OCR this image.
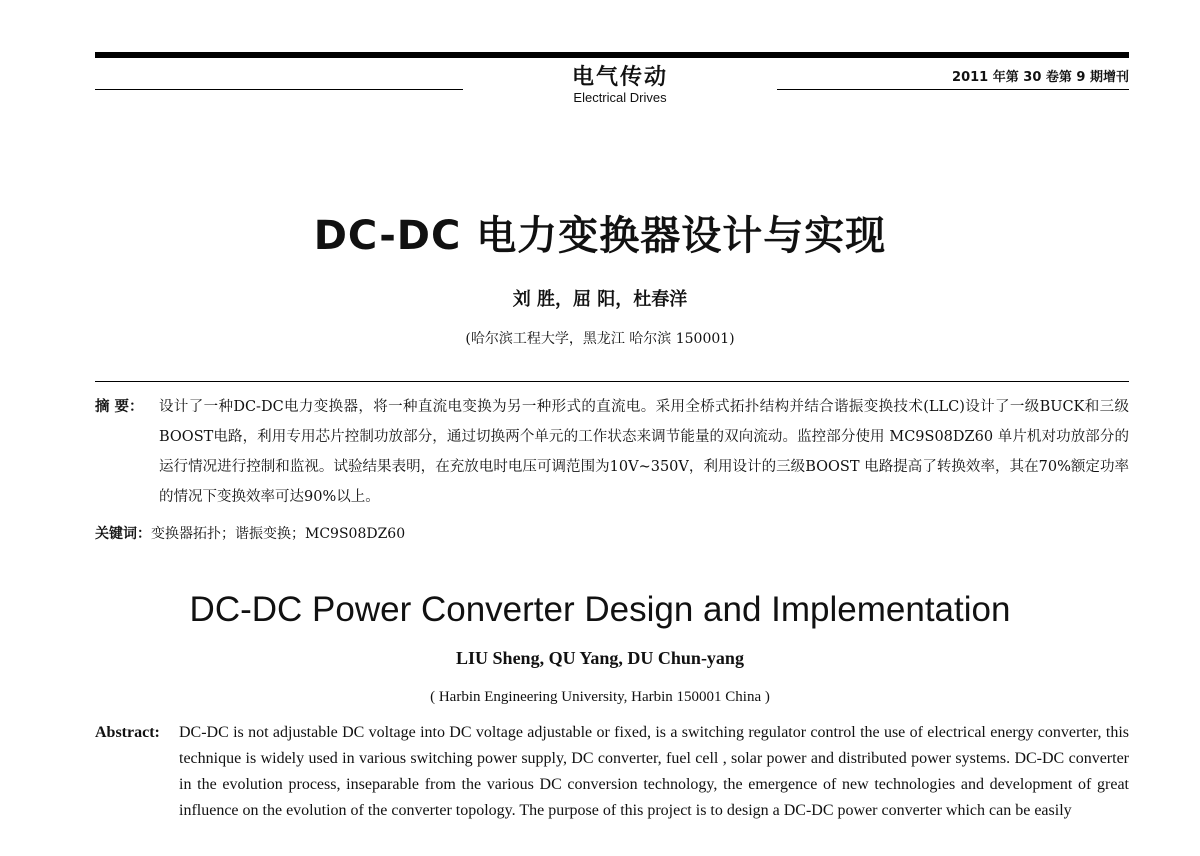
电气传动
Electrical Drives
2011 年第 30 卷第 9 期增刊
DC-DC 电力变换器设计与实现
刘 胜，屈 阳，杜春洋
(哈尔滨工程大学，黑龙江 哈尔滨 150001)
摘 要： 设计了一种DC-DC电力变换器，将一种直流电变换为另一种形式的直流电。采用全桥式拓扑结构并结合谐振变换技术(LLC)设计了一级BUCK和三级BOOST电路，利用专用芯片控制功放部分，通过切换两个单元的工作状态来调节能量的双向流动。监控部分使用 MC9S08DZ60 单片机对功放部分的运行情况进行控制和监视。试验结果表明，在充放电时电压可调范围为10V~350V，利用设计的三级BOOST 电路提高了转换效率，其在70%额定功率的情况下变换效率可达90%以上。
关键词：变换器拓扑；谐振变换；MC9S08DZ60
DC-DC Power Converter Design and Implementation
LIU Sheng, QU Yang, DU Chun-yang
( Harbin Engineering University, Harbin 150001 China )
Abstract: DC-DC is not adjustable DC voltage into DC voltage adjustable or fixed, is a switching regulator control the use of electrical energy converter, this technique is widely used in various switching power supply, DC converter, fuel cell , solar power and distributed power systems. DC-DC converter in the evolution process, inseparable from the various DC conversion technology, the emergence of new technologies and development of great influence on the evolution of the converter topology. The purpose of this project is to design a DC-DC power converter which can be easily
